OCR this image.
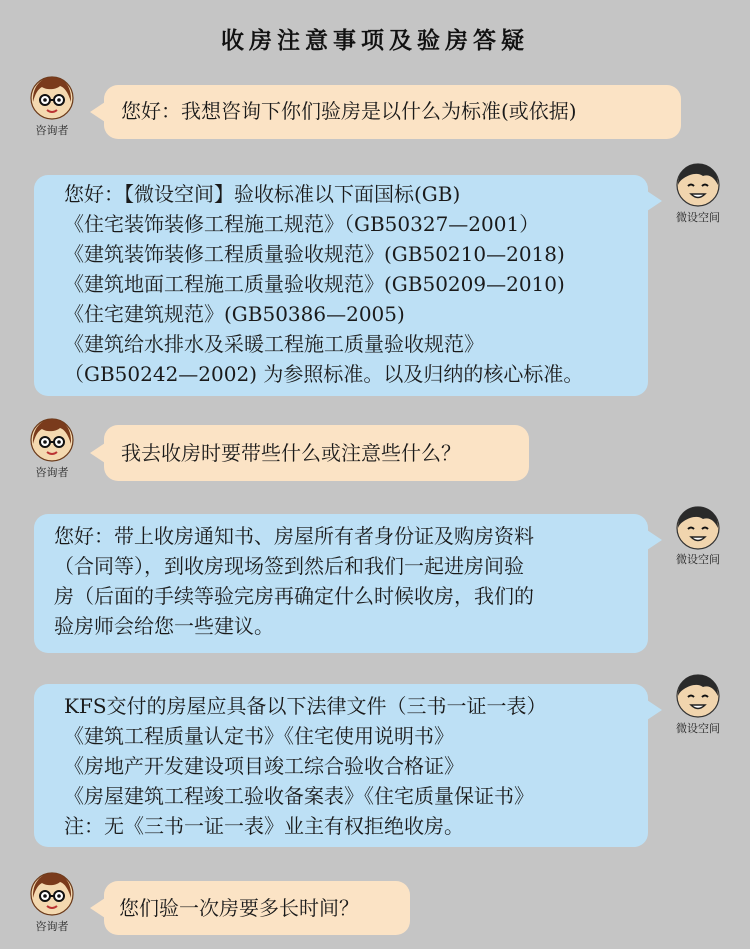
收房注意事项及验房答疑
咨询者
您好：我想咨询下你们验房是以什么为标准(或依据)
您好：【微设空间】验收标准以下面国标(GB)
《住宅装饰装修工程施工规范》（GB50327—2001）
《建筑装饰装修工程质量验收规范》(GB50210—2018)
《建筑地面工程施工质量验收规范》(GB50209—2010)
《住宅建筑规范》(GB50386—2005)
《建筑给水排水及采暖工程施工质量验收规范》
（GB50242—2002) 为参照标准。以及归纳的核心标准。
微设空间
咨询者
我去收房时要带些什么或注意些什么？
您好：带上收房通知书、房屋所有者身份证及购房资料
（合同等），到收房现场签到然后和我们一起进房间验
房（后面的手续等验完房再确定什么时候收房，我们的
验房师会给您一些建议。
微设空间
KFS交付的房屋应具备以下法律文件（三书一证一表）
《建筑工程质量认定书》《住宅使用说明书》
《房地产开发建设项目竣工综合验收合格证》
《房屋建筑工程竣工验收备案表》《住宅质量保证书》
注：无《三书一证一表》业主有权拒绝收房。
微设空间
咨询者
您们验一次房要多长时间？
